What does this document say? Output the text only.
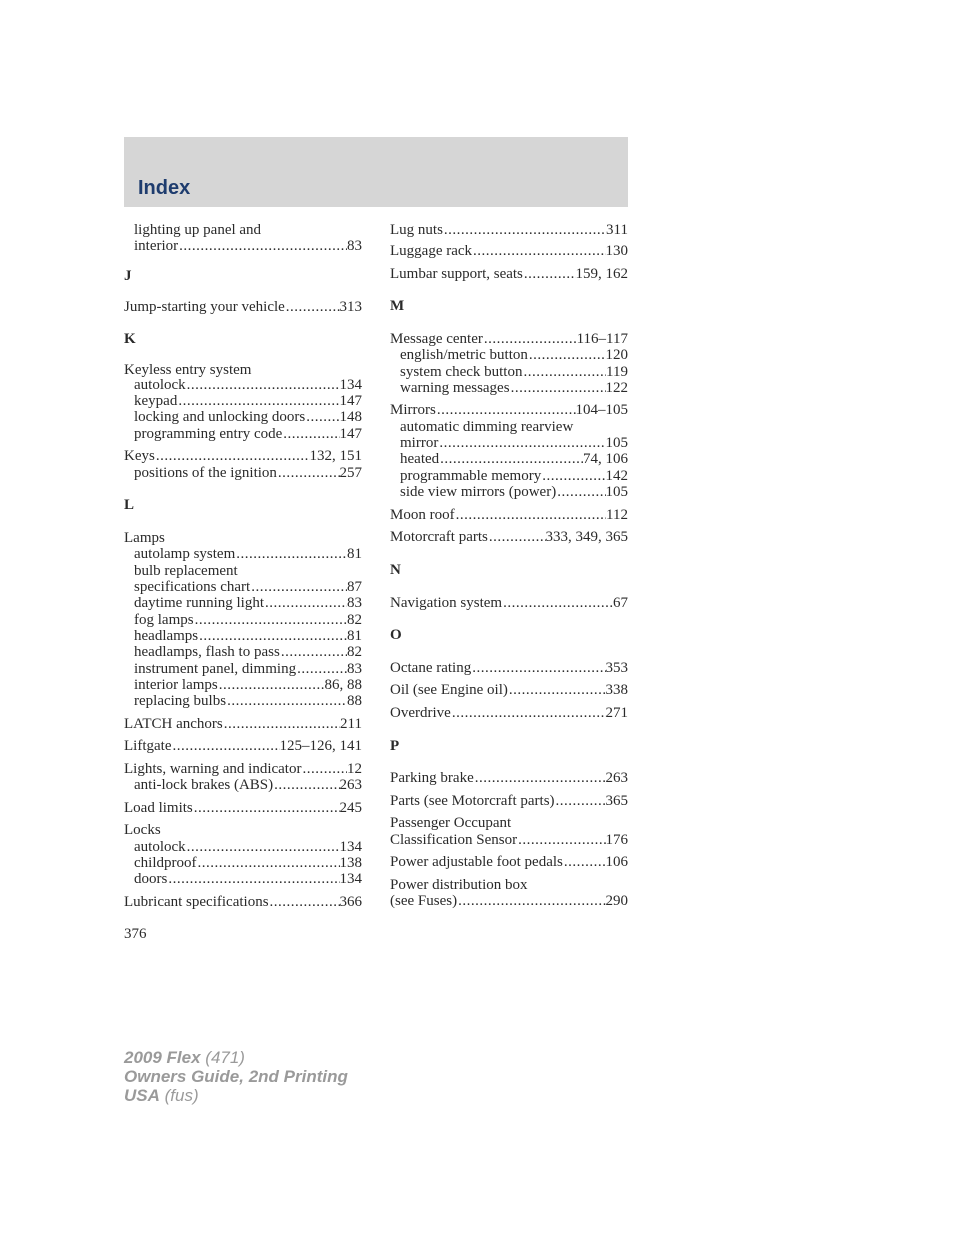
Index
lighting up panel and
interior .....	83
J
Jump-starting your vehicle .....	313
K
Keyless entry system
autolock .....	134
keypad .....	147
locking and unlocking doors ..... 148
programming entry code .....	147
Keys .....	132, 151
positions of the ignition .....	257
L
Lamps
autolamp system .....	81
bulb replacement
specifications chart .....	87
daytime running light .....	83
fog lamps .....	82
headlamps .....	81
headlamps, flash to pass .....	82
instrument panel, dimming .....	83
interior lamps .....	86, 88
replacing bulbs .....	88
LATCH anchors .....	211
Liftgate .....	125–126, 141
Lights, warning and indicator .....	12
anti-lock brakes (ABS) .....	263
Load limits .....	245
Locks
autolock .....	134
childproof .....	138
doors .....	134
Lubricant specifications .....	366
Lug nuts .....	311
Luggage rack .....	130
Lumbar support, seats .....	159, 162
M
Message center .....	116–117
english/metric button .....	120
system check button .....	119
warning messages .....	122
Mirrors .....	104–105
automatic dimming rearview
mirror .....	105
heated .....	74, 106
programmable memory .....	142
side view mirrors (power) .....	105
Moon roof .....	112
Motorcraft parts .....	333, 349, 365
N
Navigation system .....	67
O
Octane rating .....	353
Oil (see Engine oil) .....	338
Overdrive .....	271
P
Parking brake .....	263
Parts (see Motorcraft parts) .....	365
Passenger Occupant
Classification Sensor .....	176
Power adjustable foot pedals .....	106
Power distribution box
(see Fuses) .....	290
376
2009 Flex (471)
Owners Guide, 2nd Printing
USA (fus)
